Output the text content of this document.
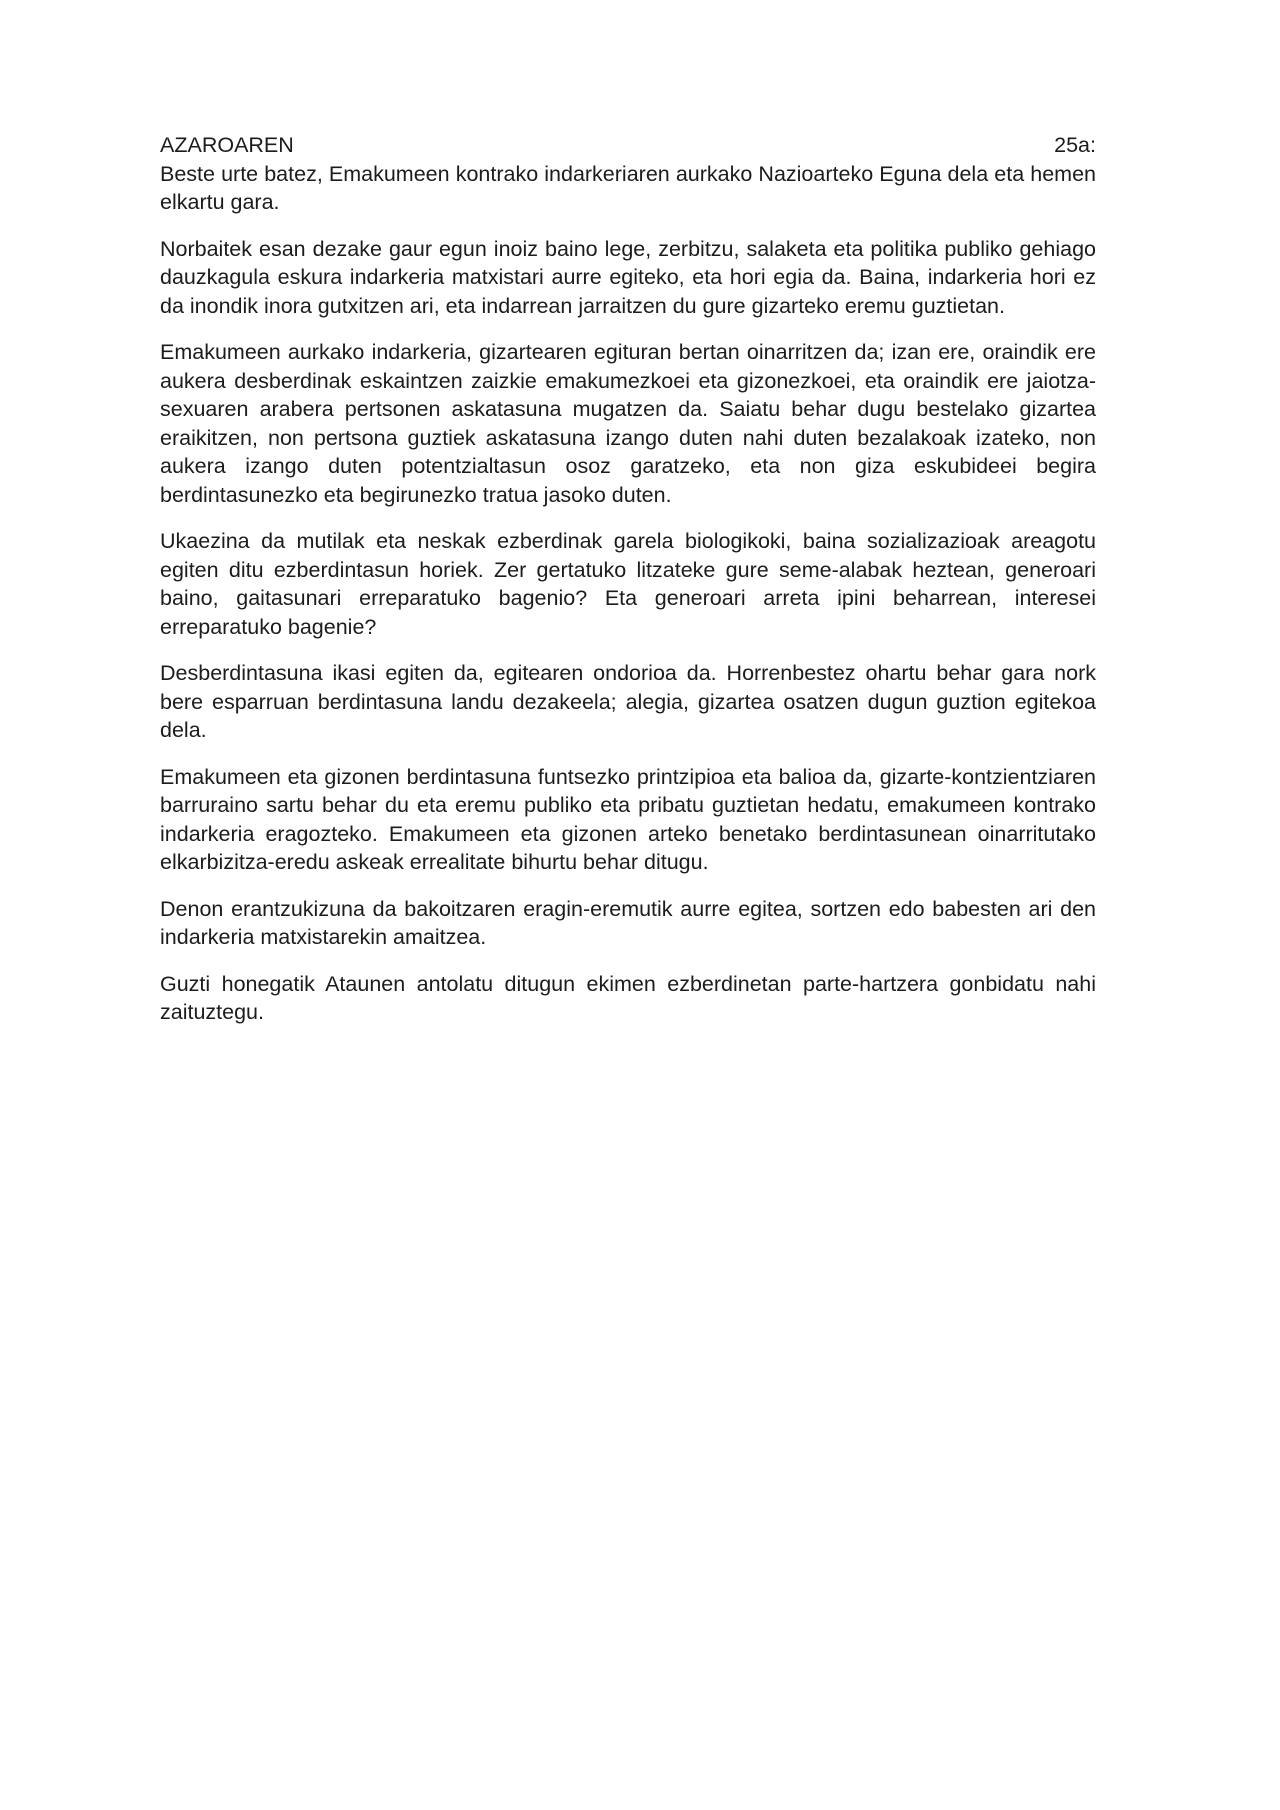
AZAROAREN	25a:

Beste urte batez, Emakumeen kontrako indarkeriaren aurkako Nazioarteko Eguna dela eta hemen elkartu gara.

Norbaitek esan dezake gaur egun inoiz baino lege, zerbitzu, salaketa eta politika publiko gehiago dauzkagula eskura indarkeria matxistari aurre egiteko, eta hori egia da. Baina, indarkeria hori ez da inondik inora gutxitzen ari, eta indarrean jarraitzen du gure gizarteko eremu guztietan.

Emakumeen aurkako indarkeria, gizartearen egituran bertan oinarritzen da; izan ere, oraindik ere aukera desberdinak eskaintzen zaizkie emakumezkoei eta gizonezkoei, eta oraindik ere jaiotza-sexuaren arabera pertsonen askatasuna mugatzen da. Saiatu behar dugu bestelako gizartea eraikitzen, non pertsona guztiek askatasuna izango duten nahi duten bezalakoak izateko, non aukera izango duten potentzialtasun osoz garatzeko, eta non giza eskubideei begira berdintasunezko eta begirunezko tratua jasoko duten.

Ukaezina da mutilak eta neskak ezberdinak garela biologikoki, baina sozializazioak areagotu egiten ditu ezberdintasun horiek. Zer gertatuko litzateke gure seme-alabak heztean, generoari baino, gaitasunari erreparatuko bagenio? Eta generoari arreta ipini beharrean, interesei erreparatuko bagenie?

Desberdintasuna ikasi egiten da, egitearen ondorioa da. Horrenbestez ohartu behar gara nork bere esparruan berdintasuna landu dezakeela; alegia, gizartea osatzen dugun guztion egitekoa dela.

Emakumeen eta gizonen berdintasuna funtsezko printzipioa eta balioa da, gizarte-kontzientziaren barruraino sartu behar du eta eremu publiko eta pribatu guztietan hedatu, emakumeen kontrako indarkeria eragozteko. Emakumeen eta gizonen arteko benetako berdintasunean oinarritutako elkarbizitza-eredu askeak errealitate bihurtu behar ditugu.

Denon erantzukizuna da bakoitzaren eragin-eremutik aurre egitea, sortzen edo babesten ari den indarkeria matxistarekin amaitzea.

Guzti honegatik Ataunen antolatu ditugun ekimen ezberdinetan parte-hartzera gonbidatu nahi zaituztegu.
